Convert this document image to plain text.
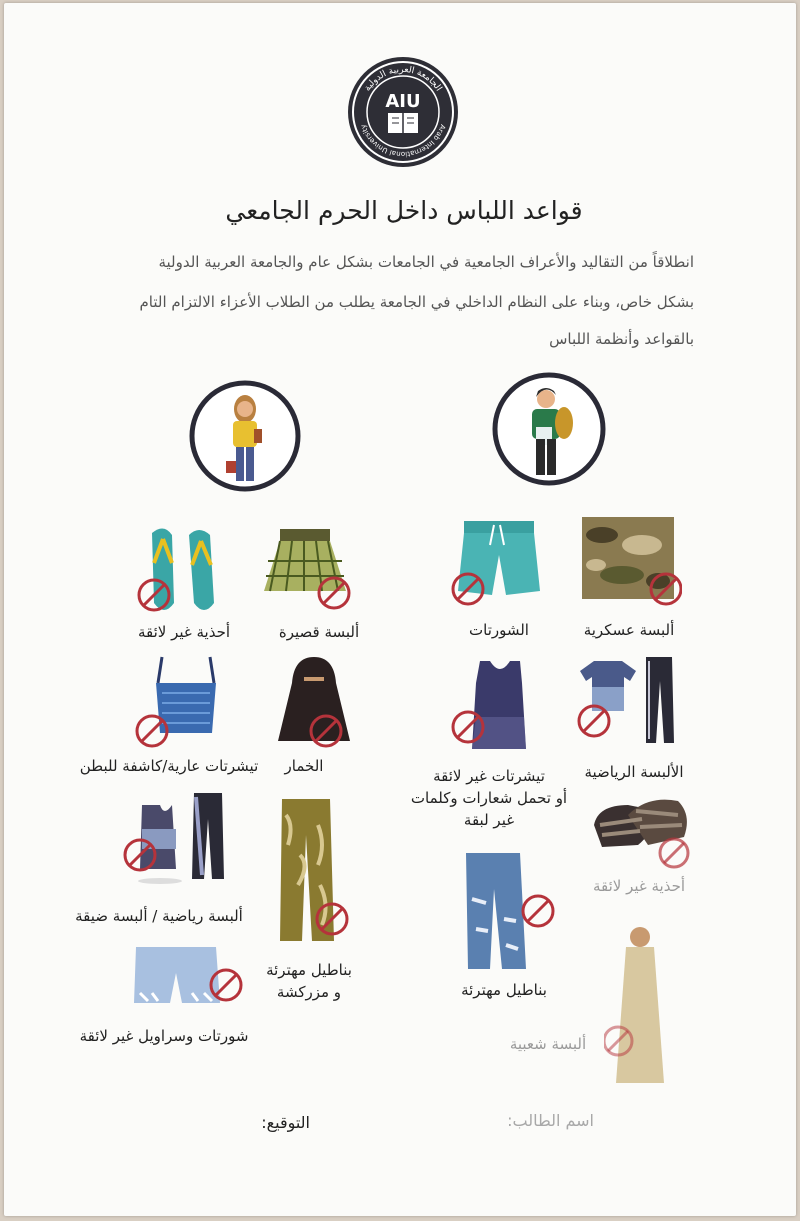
AIU
الجامعة العربية الدولية
Arab International University
قواعد اللباس داخل الحرم الجامعي
انطلاقاً من التقاليد والأعراف الجامعية في الجامعات بشكل عام والجامعة العربية الدولية
بشكل خاص، وبناء على النظام الداخلي في الجامعة يطلب من الطلاب الأعزاء الالتزام التام
بالقواعد وأنظمة اللباس
أحذية غير لائقة	ألبسة قصيرة	الشورتات	ألبسة عسكرية
تيشرتات عارية/كاشفة للبطن	الخمار
تيشرتات غير لائقة
أو تحمل شعارات وكلمات
غير لبقة
الألبسة الرياضية
أحذية غير لائقة
ألبسة رياضية / ألبسة ضيقة
بناطيل مهترئة
و مزركشة	بناطيل مهترئة
شورتات وسراويل غير لائقة	ألبسة شعبية
اسم الطالب:
التوقيع:
